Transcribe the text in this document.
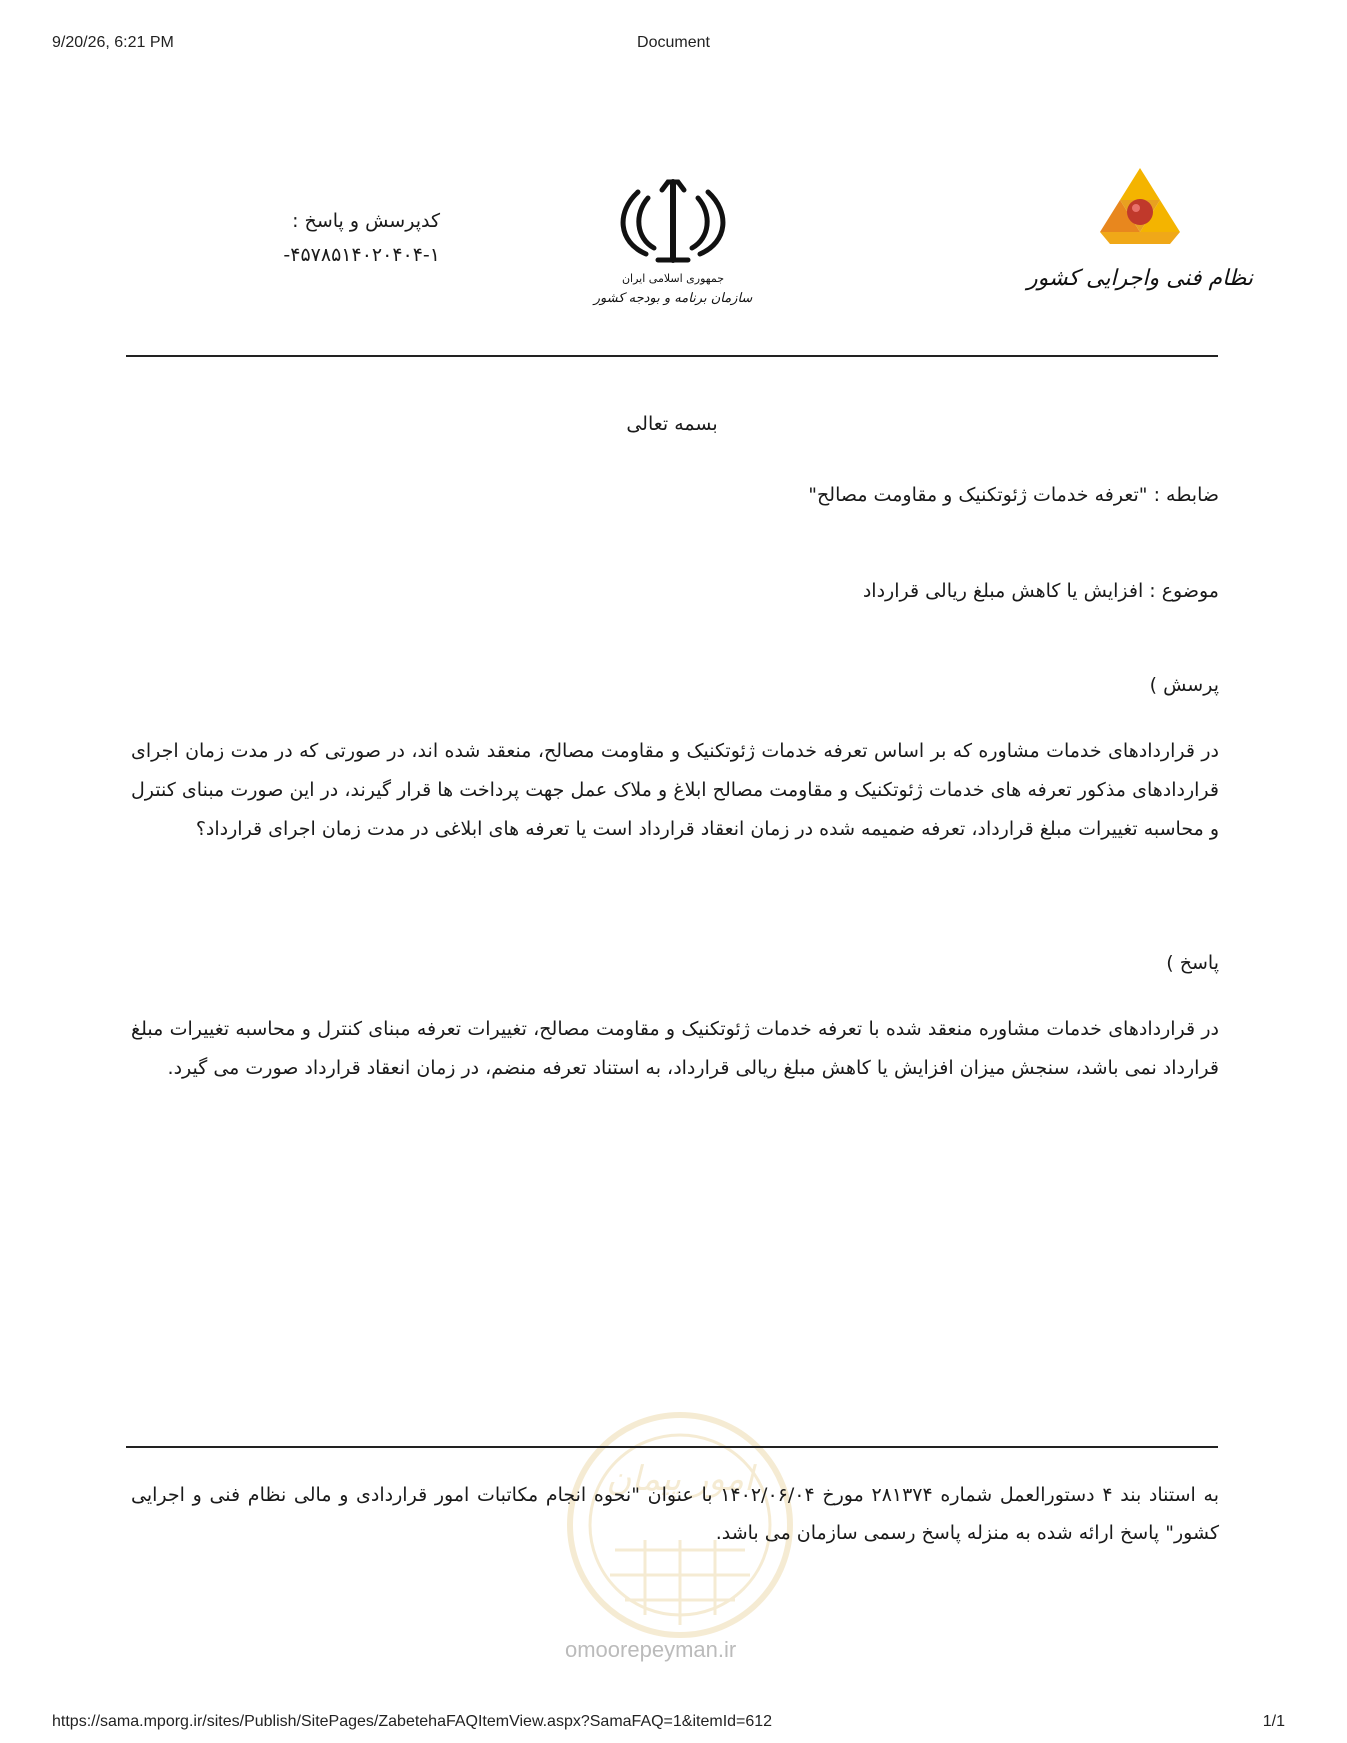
9/20/26, 6:21 PM	Document
کدپرسش و پاسخ :
۴۵۷۸۵۱۴۰۲۰۴۰۴-۱-
جمهوری اسلامی ایران
سازمان برنامه و بودجه کشور
نظام فنی واجرایی کشور
بسمه تعالی
ضابطه : "تعرفه خدمات ژئوتکنیک و مقاومت مصالح"
موضوع : افزایش یا کاهش مبلغ ریالی قرارداد
پرسش )
در قراردادهای خدمات مشاوره که بر اساس تعرفه خدمات ژئوتکنیک و مقاومت مصالح، منعقد شده اند، در صورتی که در مدت زمان اجرای قراردادهای مذکور تعرفه های خدمات ژئوتکنیک و مقاومت مصالح ابلاغ و ملاک عمل جهت پرداخت ها قرار گیرند، در این صورت مبنای کنترل و محاسبه تغییرات مبلغ قرارداد، تعرفه ضمیمه شده در زمان انعقاد قرارداد است یا تعرفه های ابلاغی در مدت زمان اجرای قرارداد؟
پاسخ )
در قراردادهای خدمات مشاوره منعقد شده با تعرفه خدمات ژئوتکنیک و مقاومت مصالح، تغییرات تعرفه مبنای کنترل و محاسبه تغییرات مبلغ قرارداد نمی باشد، سنجش میزان افزایش یا کاهش مبلغ ریالی قرارداد، به استناد تعرفه منضم، در زمان انعقاد قرارداد صورت می گیرد.
امور پیمان
به استناد بند ۴ دستورالعمل شماره ۲۸۱۳۷۴ مورخ ۱۴۰۲/۰۶/۰۴ با عنوان "نحوه انجام مکاتبات امور قراردادی و مالی نظام فنی و اجرایی کشور" پاسخ ارائه شده به منزله پاسخ رسمی سازمان می باشد.
omoorepeyman.ir
https://sama.mporg.ir/sites/Publish/SitePages/ZabetehaFAQItemView.aspx?SamaFAQ=1&itemId=612	1/1
